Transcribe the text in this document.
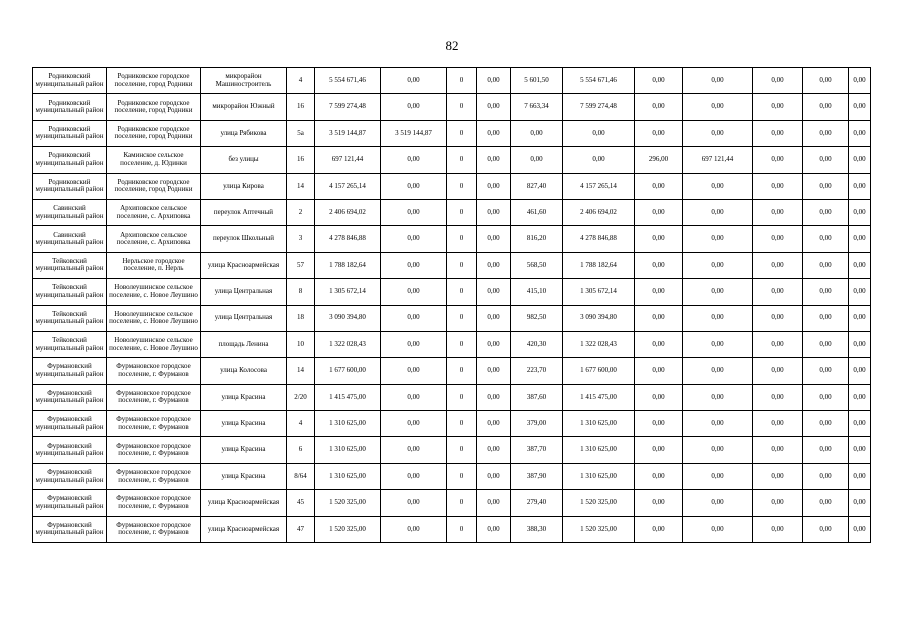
82
Родниковский муниципальный район	Родниковское городское поселение, город Родники	микрорайон Машиностроитель	4	5 554 671,46	0,00	0	0,00	5 601,50	5 554 671,46	0,00	0,00	0,00	0,00	0,00
Родниковский муниципальный район	Родниковское городское поселение, город Родники	микрорайон Южный	16	7 599 274,48	0,00	0	0,00	7 663,34	7 599 274,48	0,00	0,00	0,00	0,00	0,00
Родниковский муниципальный район	Родниковское городское поселение, город Родники	улица Рябикова	5а	3 519 144,87	3 519 144,87	0	0,00	0,00	0,00	0,00	0,00	0,00	0,00	0,00
Родниковский муниципальный район	Каминское сельское поселение, д. Юдинки	без улицы	16	697 121,44	0,00	0	0,00	0,00	0,00	296,00	697 121,44	0,00	0,00	0,00
Родниковский муниципальный район	Родниковское городское поселение, город Родники	улица Кирова	14	4 157 265,14	0,00	0	0,00	827,40	4 157 265,14	0,00	0,00	0,00	0,00	0,00
Савинский муниципальный район	Архиповское сельское поселение, с. Архиповка	переулок Аптечный	2	2 406 694,02	0,00	0	0,00	461,60	2 406 694,02	0,00	0,00	0,00	0,00	0,00
Савинский муниципальный район	Архиповское сельское поселение, с. Архиповка	переулок Школьный	3	4 278 846,88	0,00	0	0,00	816,20	4 278 846,88	0,00	0,00	0,00	0,00	0,00
Тейковский муниципальный район	Нерльское городское поселение, п. Нерль	улица Красноармейская	57	1 788 182,64	0,00	0	0,00	568,50	1 788 182,64	0,00	0,00	0,00	0,00	0,00
Тейковский муниципальный район	Новолеушинское сельское поселение, с. Новое Леушино	улица Центральная	8	1 305 672,14	0,00	0	0,00	415,10	1 305 672,14	0,00	0,00	0,00	0,00	0,00
Тейковский муниципальный район	Новолеушинское сельское поселение, с. Новое Леушино	улица Центральная	18	3 090 394,80	0,00	0	0,00	982,50	3 090 394,80	0,00	0,00	0,00	0,00	0,00
Тейковский муниципальный район	Новолеушинское сельское поселение, с. Новое Леушино	площадь Ленина	10	1 322 028,43	0,00	0	0,00	420,30	1 322 028,43	0,00	0,00	0,00	0,00	0,00
Фурмановский муниципальный район	Фурмановское городское поселение, г. Фурманов	улица Колосова	14	1 677 600,00	0,00	0	0,00	223,70	1 677 600,00	0,00	0,00	0,00	0,00	0,00
Фурмановский муниципальный район	Фурмановское городское поселение, г. Фурманов	улица Красина	2/20	1 415 475,00	0,00	0	0,00	387,60	1 415 475,00	0,00	0,00	0,00	0,00	0,00
Фурмановский муниципальный район	Фурмановское городское поселение, г. Фурманов	улица Красина	4	1 310 625,00	0,00	0	0,00	379,00	1 310 625,00	0,00	0,00	0,00	0,00	0,00
Фурмановский муниципальный район	Фурмановское городское поселение, г. Фурманов	улица Красина	6	1 310 625,00	0,00	0	0,00	387,70	1 310 625,00	0,00	0,00	0,00	0,00	0,00
Фурмановский муниципальный район	Фурмановское городское поселение, г. Фурманов	улица Красина	8/64	1 310 625,00	0,00	0	0,00	387,90	1 310 625,00	0,00	0,00	0,00	0,00	0,00
Фурмановский муниципальный район	Фурмановское городское поселение, г. Фурманов	улица Красноармейская	45	1 520 325,00	0,00	0	0,00	279,40	1 520 325,00	0,00	0,00	0,00	0,00	0,00
Фурмановский муниципальный район	Фурмановское городское поселение, г. Фурманов	улица Красноармейская	47	1 520 325,00	0,00	0	0,00	388,30	1 520 325,00	0,00	0,00	0,00	0,00	0,00
